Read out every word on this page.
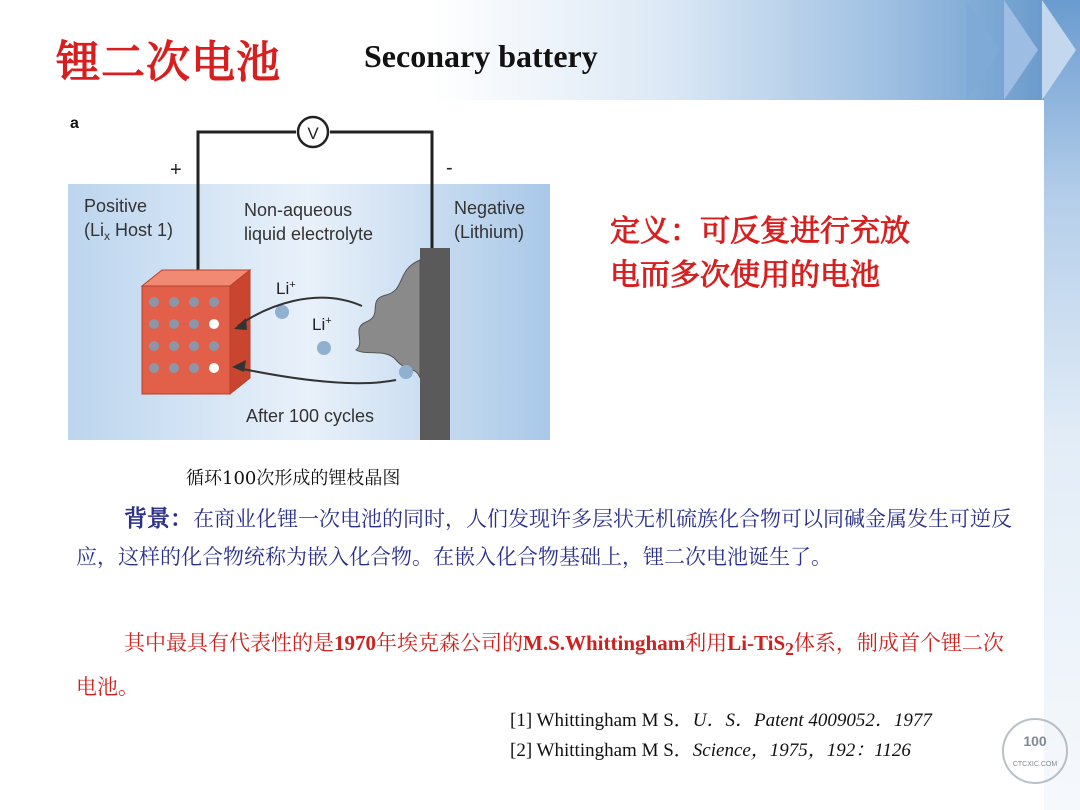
锂二次电池	Seconary battery
a
V
+	-
Positive
($Li_x$ Host 1)
Non-aqueous
liquid electrolyte
Negative
(Lithium)
Li+
Li+
After 100 cycles
循环100次形成的锂枝晶图
定义：可反复进行充放
电而多次使用的电池
背景：在商业化锂一次电池的同时，人们发现许多层状无机硫族化合物可以同碱金属发生可逆反应，这样的化合物统称为嵌入化合物。在嵌入化合物基础上，锂二次电池诞生了。
其中最具有代表性的是1970年埃克森公司的M.S.Whittingham利用Li-TiS$_2$体系，制成首个锂二次电池。
[1] Whittingham M S．U．S．Patent 4009052．1977
[2] Whittingham M S．Science，1975，192：1126	100
CTCXIC.COM
